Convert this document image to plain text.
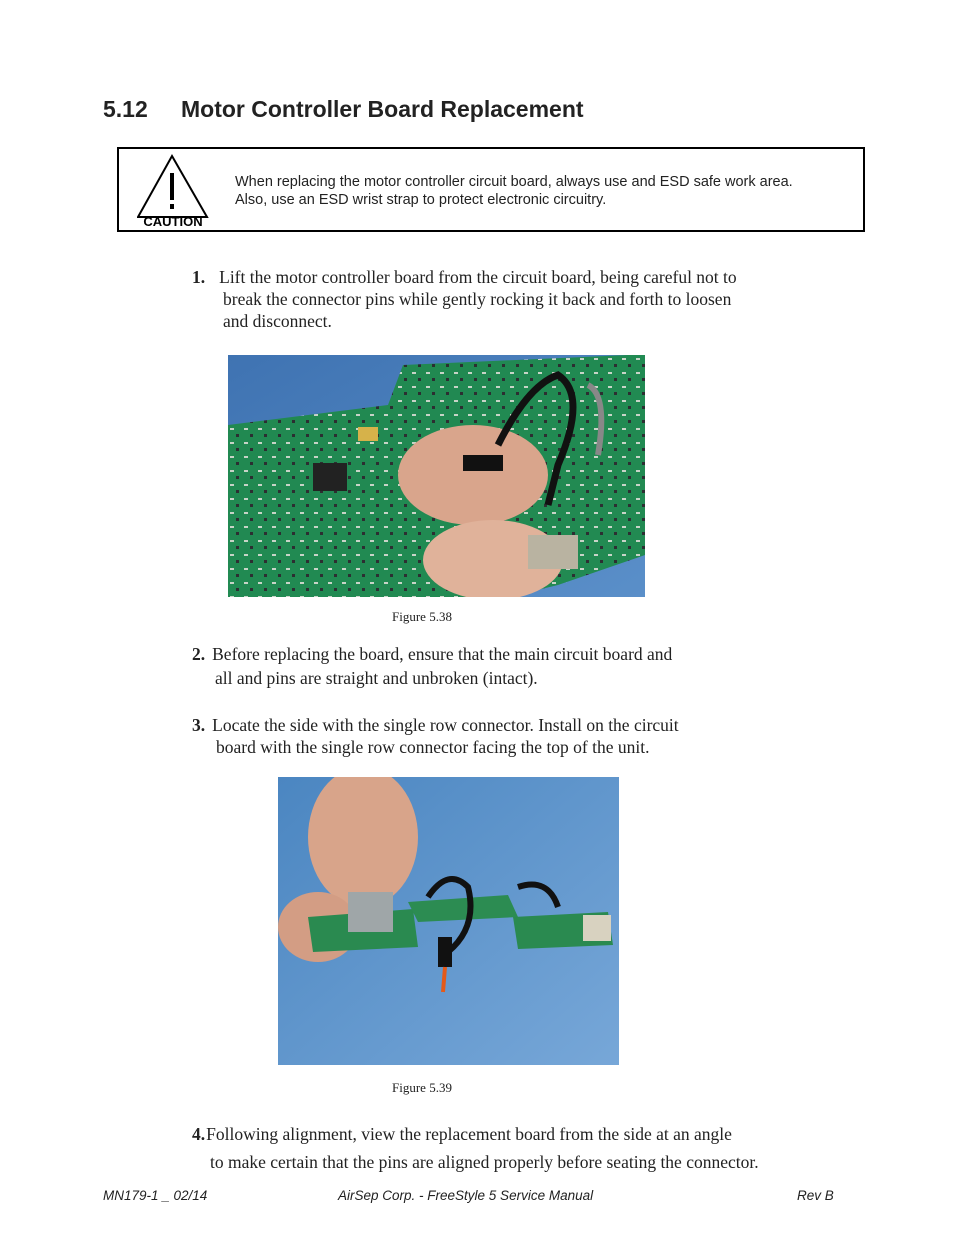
5.12 Motor Controller Board Replacement
CAUTION
When replacing the motor controller circuit board, always use and ESD safe work area.
Also, use an ESD wrist strap to protect electronic circuitry.
1. Lift the motor controller board from the circuit board, being careful not to
break the connector pins while gently rocking it back and forth to loosen
and disconnect.
Figure 5.38
2. Before replacing the board, ensure that the main circuit board and
all and pins are straight and unbroken (intact).
3. Locate the side with the single row connector. Install on the circuit
board with the single row connector facing the top of the unit.
Figure 5.39
4.Following alignment, view the replacement board from the side at an angle
to make certain that the pins are aligned properly before seating the connector.
MN179-1 _ 02/14	AirSep Corp. - FreeStyle 5 Service Manual	Rev B
